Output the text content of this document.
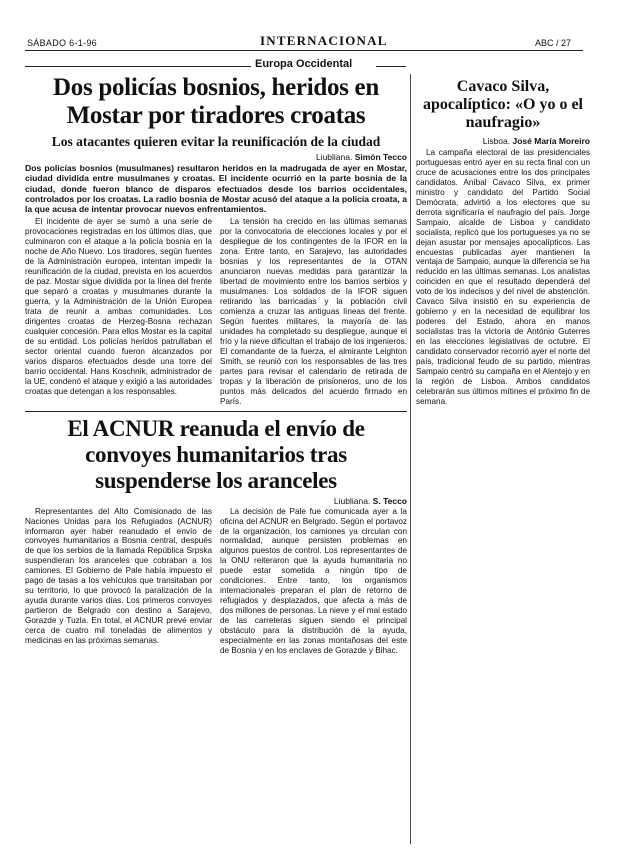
SÁBADO 6-1-96	INTERNACIONAL	ABC / 27
Europa Occidental
Dos policías bosnios, heridos en Mostar por tiradores croatas
Los atacantes quieren evitar la reunificación de la ciudad

Liubliana. Simón Tecco

Dos policías bosnios (musulmanes) resultaron heridos en la madrugada de ayer en Mostar, ciudad dividida entre musulmanes y croatas. El incidente ocurrió en la parte bosnia de la ciudad, donde fueron blanco de disparos efectuados desde los barrios occidentales, controlados por los croatas. La radio bosnia de Mostar acusó del ataque a la policía croata, a la que acusa de intentar provocar nuevos enfrentamientos.

El incidente de ayer se sumó a una serie de provocaciones registradas en los últimos días, que culminaron con el ataque a la policía bosnia en la noche de Año Nuevo. Los tiradores, según fuentes de la Administración europea, intentan impedir la reunificación de la ciudad, prevista en los acuerdos de paz. Mostar sigue dividida por la línea del frente que separó a croatas y musulmanes durante la guerra, y la Administración de la Unión Europea trata de reunir a ambas comunidades. Los dirigentes croatas de Herzeg-Bosna rechazan cualquier concesión. Para ellos Mostar es la capital de su entidad. Los policías heridos patrullaban el sector oriental cuando fueron alcanzados por varios disparos efectuados desde una torre del barrio occidental. Hans Koschnik, administrador de la UE, condenó el ataque y exigió a las autoridades croatas que detengan a los responsables.

La tensión ha crecido en las últimas semanas por la convocatoria de elecciones locales y por el despliegue de los contingentes de la IFOR en la zona. Entre tanto, en Sarajevo, las autoridades bosnias y los representantes de la OTAN anunciaron nuevas medidas para garantizar la libertad de movimiento entre los barrios serbios y musulmanes. Los soldados de la IFOR siguen retirando las barricadas y la población civil comienza a cruzar las antiguas líneas del frente. Según fuentes militares, la mayoría de las unidades ha completado su despliegue, aunque el frío y la nieve dificultan el trabajo de los ingenieros. El comandante de la fuerza, el almirante Leighton Smith, se reunió con los responsables de las tres partes para revisar el calendario de retirada de tropas y la liberación de prisioneros, uno de los puntos más delicados del acuerdo firmado en París.

El ACNUR reanuda el envío de convoyes humanitarios tras suspenderse los aranceles

Liubliana. S. Tecco

Representantes del Alto Comisionado de las Naciones Unidas para los Refugiados (ACNUR) informaron ayer haber reanudado el envío de convoyes humanitarios a Bosnia central, después de que los serbios de la llamada República Srpska suspendieran los aranceles que cobraban a los camiones. El Gobierno de Pale había impuesto el pago de tasas a los vehículos que transitaban por su territorio, lo que provocó la paralización de la ayuda durante varios días. Los primeros convoyes partieron de Belgrado con destino a Sarajevo, Gorazde y Tuzla. En total, el ACNUR prevé enviar cerca de cuatro mil toneladas de alimentos y medicinas en las próximas semanas.

La decisión de Pale fue comunicada ayer a la oficina del ACNUR en Belgrado. Según el portavoz de la organización, los camiones ya circulan con normalidad, aunque persisten problemas en algunos puestos de control. Los representantes de la ONU reiteraron que la ayuda humanitaria no puede estar sometida a ningún tipo de condiciones. Entre tanto, los organismos internacionales preparan el plan de retorno de refugiados y desplazados, que afecta a más de dos millones de personas. La nieve y el mal estado de las carreteras siguen siendo el principal obstáculo para la distribución de la ayuda, especialmente en las zonas montañosas del este de Bosnia y en los enclaves de Gorazde y Bihac.

Cavaco Silva, apocalíptico: «O yo o el naufragio»

Lisboa. José María Moreiro

La campaña electoral de las presidenciales portuguesas entró ayer en su recta final con un cruce de acusaciones entre los dos principales candidatos. Aníbal Cavaco Silva, ex primer ministro y candidato del Partido Social Demócrata, advirtió a los electores que su derrota significaría el naufragio del país. Jorge Sampaio, alcalde de Lisboa y candidato socialista, replicó que los portugueses ya no se dejan asustar por mensajes apocalípticos. Las encuestas publicadas ayer mantienen la ventaja de Sampaio, aunque la diferencia se ha reducido en las últimas semanas. Los analistas coinciden en que el resultado dependerá del voto de los indecisos y del nivel de abstención. Cavaco Silva insistió en su experiencia de gobierno y en la necesidad de equilibrar los poderes del Estado, ahora en manos socialistas tras la victoria de António Guterres en las elecciones legislativas de octubre. El candidato conservador recorrió ayer el norte del país, tradicional feudo de su partido, mientras Sampaio centró su campaña en el Alentejo y en la región de Lisboa. Ambos candidatos celebrarán sus últimos mítines el próximo fin de semana.
